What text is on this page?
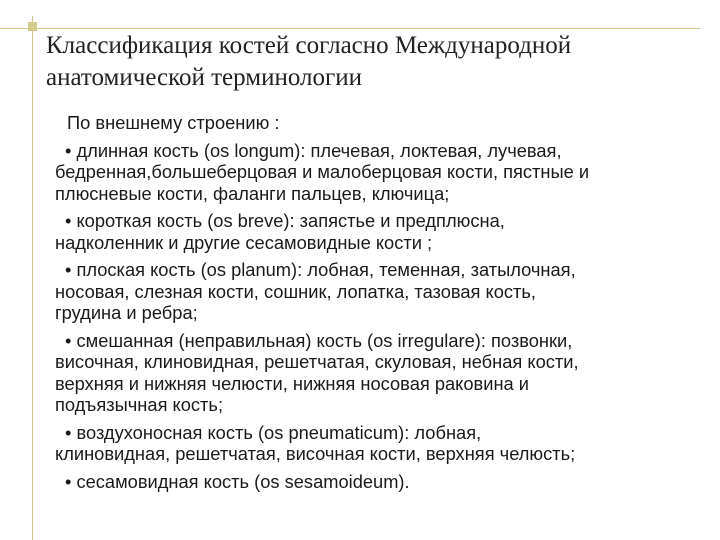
Классификация костей согласно Международной
анатомической терминологии
По внешнему строению :
• длинная кость (os longum): плечевая, локтевая, лучевая,
бедренная,большеберцовая и малоберцовая кости, пястные и
плюсневые кости, фаланги пальцев, ключица;
• короткая кость (os breve): запястье и предплюсна,
надколенник и другие сесамовидные кости ;
• плоская кость (os planum): лобная, теменная, затылочная,
носовая, слезная кости, сошник, лопатка, тазовая кость,
грудина и ребра;
• смешанная (неправильная) кость (os irregulare): позвонки,
височная, клиновидная, решетчатая, скуловая, небная кости,
верхняя и нижняя челюсти, нижняя носовая раковина и
подъязычная кость;
• воздухоносная кость (os pneumaticum): лобная,
клиновидная, решетчатая, височная кости, верхняя челюсть;
• сесамовидная кость (os sesamoideum).
